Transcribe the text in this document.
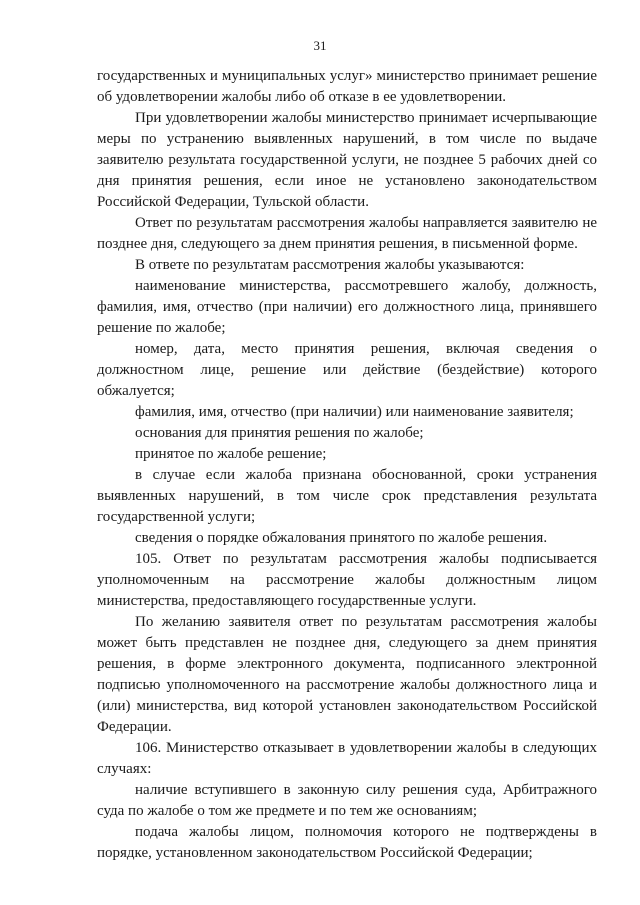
31

государственных и муниципальных услуг» министерство принимает решение об удовлетворении жалобы либо об отказе в ее удовлетворении.

При удовлетворении жалобы министерство принимает исчерпывающие меры по устранению выявленных нарушений, в том числе по выдаче заявителю результата государственной услуги, не позднее 5 рабочих дней со дня принятия решения, если иное не установлено законодательством Российской Федерации, Тульской области.

Ответ по результатам рассмотрения жалобы направляется заявителю не позднее дня, следующего за днем принятия решения, в письменной форме.

В ответе по результатам рассмотрения жалобы указываются:

наименование министерства, рассмотревшего жалобу, должность, фамилия, имя, отчество (при наличии) его должностного лица, принявшего решение по жалобе;

номер, дата, место принятия решения, включая сведения о должностном лице, решение или действие (бездействие) которого обжалуется;

фамилия, имя, отчество (при наличии) или наименование заявителя;

основания для принятия решения по жалобе;

принятое по жалобе решение;

в случае если жалоба признана обоснованной, сроки устранения выявленных нарушений, в том числе срок представления результата государственной услуги;

сведения о порядке обжалования принятого по жалобе решения.

105. Ответ по результатам рассмотрения жалобы подписывается уполномоченным на рассмотрение жалобы должностным лицом министерства, предоставляющего государственные услуги.

По желанию заявителя ответ по результатам рассмотрения жалобы может быть представлен не позднее дня, следующего за днем принятия решения, в форме электронного документа, подписанного электронной подписью уполномоченного на рассмотрение жалобы должностного лица и (или) министерства, вид которой установлен законодательством Российской Федерации.

106. Министерство отказывает в удовлетворении жалобы в следующих случаях:

наличие вступившего в законную силу решения суда, Арбитражного суда по жалобе о том же предмете и по тем же основаниям;

подача жалобы лицом, полномочия которого не подтверждены в порядке, установленном законодательством Российской Федерации;
